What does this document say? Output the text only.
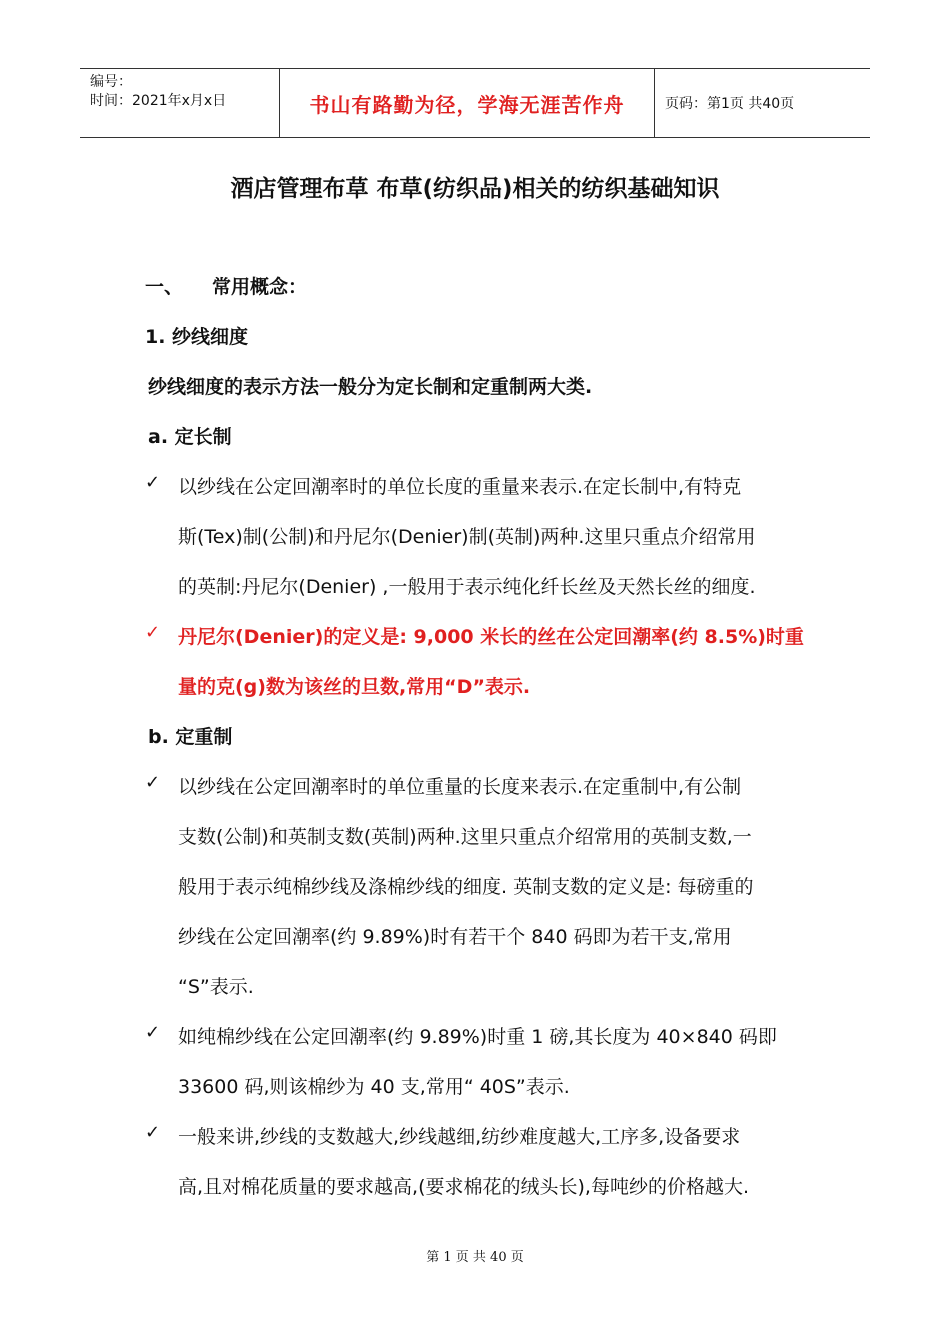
编号：
时间：2021年x月x日	书山有路勤为径，学海无涯苦作舟	页码：第1页 共40页
酒店管理布草 布草(纺织品)相关的纺织基础知识
一、 常用概念：
1. 纱线细度
纱线细度的表示方法一般分为定长制和定重制两大类.
a. 定长制
✓ 以纱线在公定回潮率时的单位长度的重量来表示.在定长制中,有特克
斯(Tex)制(公制)和丹尼尔(Denier)制(英制)两种.这里只重点介绍常用
的英制:丹尼尔(Denier) ,一般用于表示纯化纤长丝及天然长丝的细度.
✓ 丹尼尔(Denier)的定义是: 9,000 米长的丝在公定回潮率(约 8.5%)时重
量的克(g)数为该丝的旦数,常用“D”表示.
b. 定重制
✓ 以纱线在公定回潮率时的单位重量的长度来表示.在定重制中,有公制
支数(公制)和英制支数(英制)两种.这里只重点介绍常用的英制支数,一
般用于表示纯棉纱线及涤棉纱线的细度. 英制支数的定义是: 每磅重的
纱线在公定回潮率(约 9.89%)时有若干个 840 码即为若干支,常用
“S”表示.
✓ 如纯棉纱线在公定回潮率(约 9.89%)时重 1 磅,其长度为 40×840 码即
33600 码,则该棉纱为 40 支,常用“ 40S”表示.
✓ 一般来讲,纱线的支数越大,纱线越细,纺纱难度越大,工序多,设备要求
高,且对棉花质量的要求越高,(要求棉花的绒头长),每吨纱的价格越大.
第 1 页 共 40 页
